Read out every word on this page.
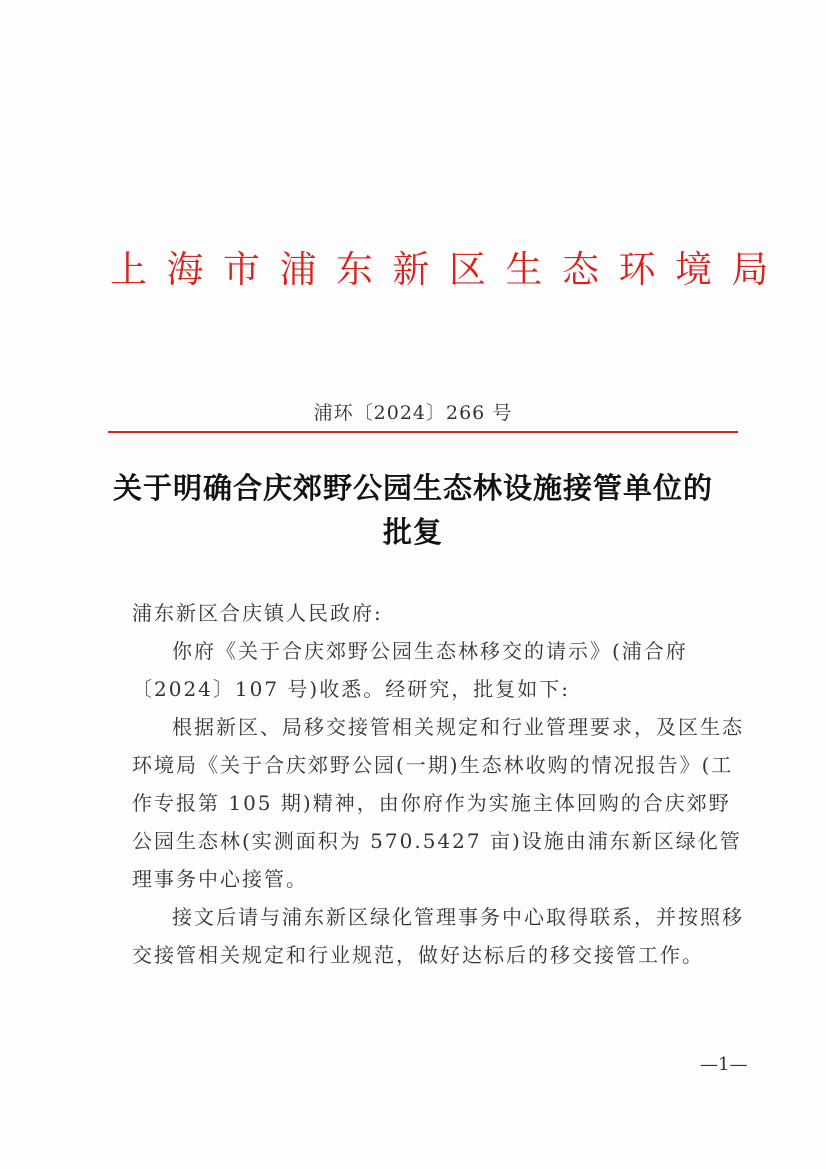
上海市浦东新区生态环境局
浦环〔2024〕266 号
关于明确合庆郊野公园生态林设施接管单位的
批复

浦东新区合庆镇人民政府:

你府《关于合庆郊野公园生态林移交的请示》(浦合府〔2024〕107 号)收悉。经研究，批复如下:

根据新区、局移交接管相关规定和行业管理要求，及区生态环境局《关于合庆郊野公园(一期)生态林收购的情况报告》(工作专报第 105 期)精神，由你府作为实施主体回购的合庆郊野公园生态林(实测面积为 570.5427 亩)设施由浦东新区绿化管理事务中心接管。

接文后请与浦东新区绿化管理事务中心取得联系，并按照移交接管相关规定和行业规范，做好达标后的移交接管工作。

—1—
